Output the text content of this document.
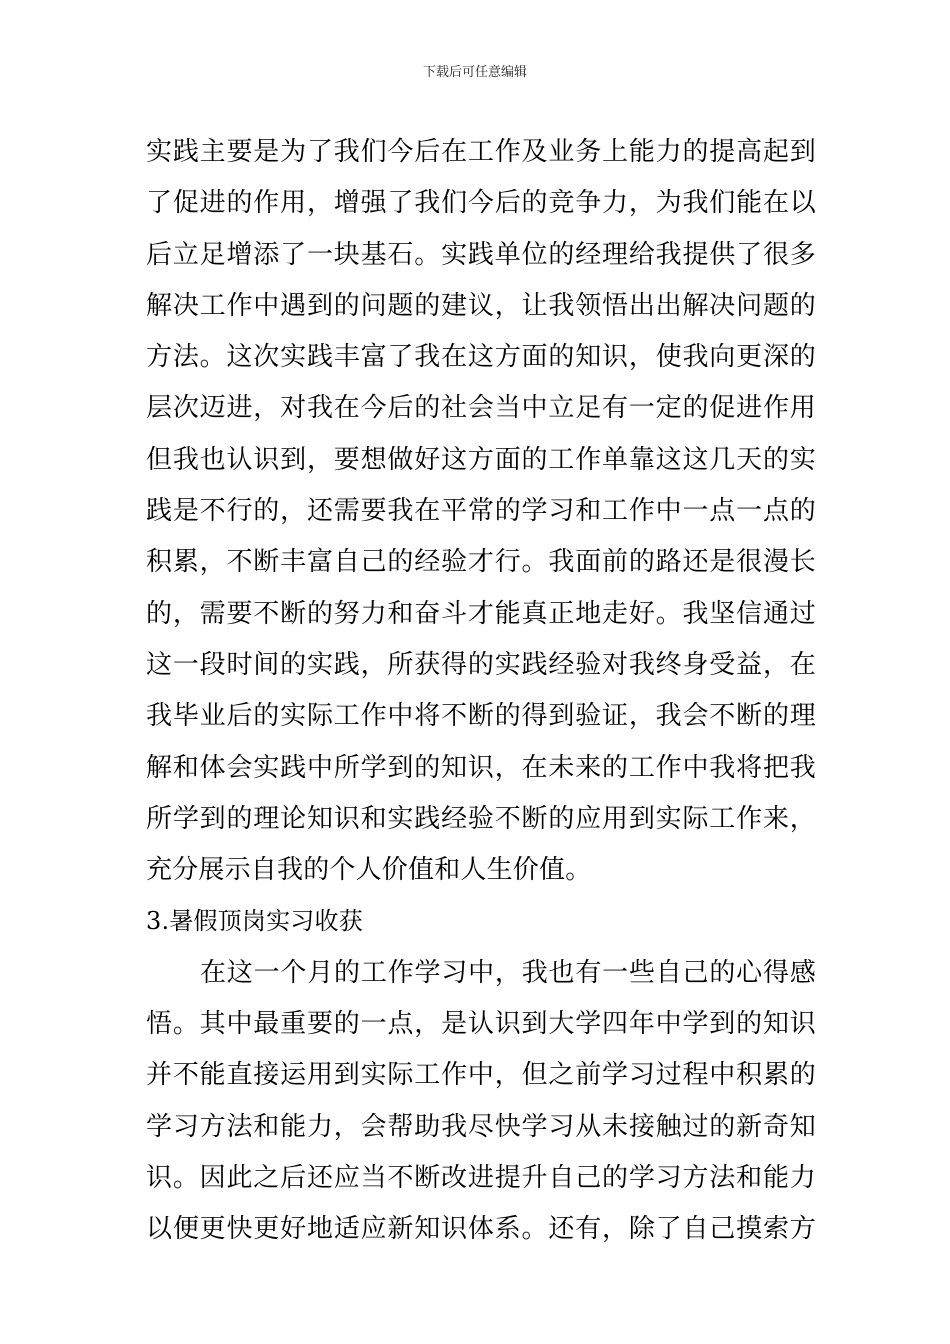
下载后可任意编辑
实践主要是为了我们今后在工作及业务上能力的提高起到
了促进的作用，增强了我们今后的竞争力，为我们能在以
后立足增添了一块基石。实践单位的经理给我提供了很多
解决工作中遇到的问题的建议，让我领悟出出解决问题的
方法。这次实践丰富了我在这方面的知识，使我向更深的
层次迈进，对我在今后的社会当中立足有一定的促进作用
但我也认识到，要想做好这方面的工作单靠这这几天的实
践是不行的，还需要我在平常的学习和工作中一点一点的
积累，不断丰富自己的经验才行。我面前的路还是很漫长
的，需要不断的努力和奋斗才能真正地走好。我坚信通过
这一段时间的实践，所获得的实践经验对我终身受益，在
我毕业后的实际工作中将不断的得到验证，我会不断的理
解和体会实践中所学到的知识，在未来的工作中我将把我
所学到的理论知识和实践经验不断的应用到实际工作来，
充分展示自我的个人价值和人生价值。
3.暑假顶岗实习收获
在这一个月的工作学习中，我也有一些自己的心得感
悟。其中最重要的一点，是认识到大学四年中学到的知识
并不能直接运用到实际工作中，但之前学习过程中积累的
学习方法和能力，会帮助我尽快学习从未接触过的新奇知
识。因此之后还应当不断改进提升自己的学习方法和能力
以便更快更好地适应新知识体系。还有，除了自己摸索方
